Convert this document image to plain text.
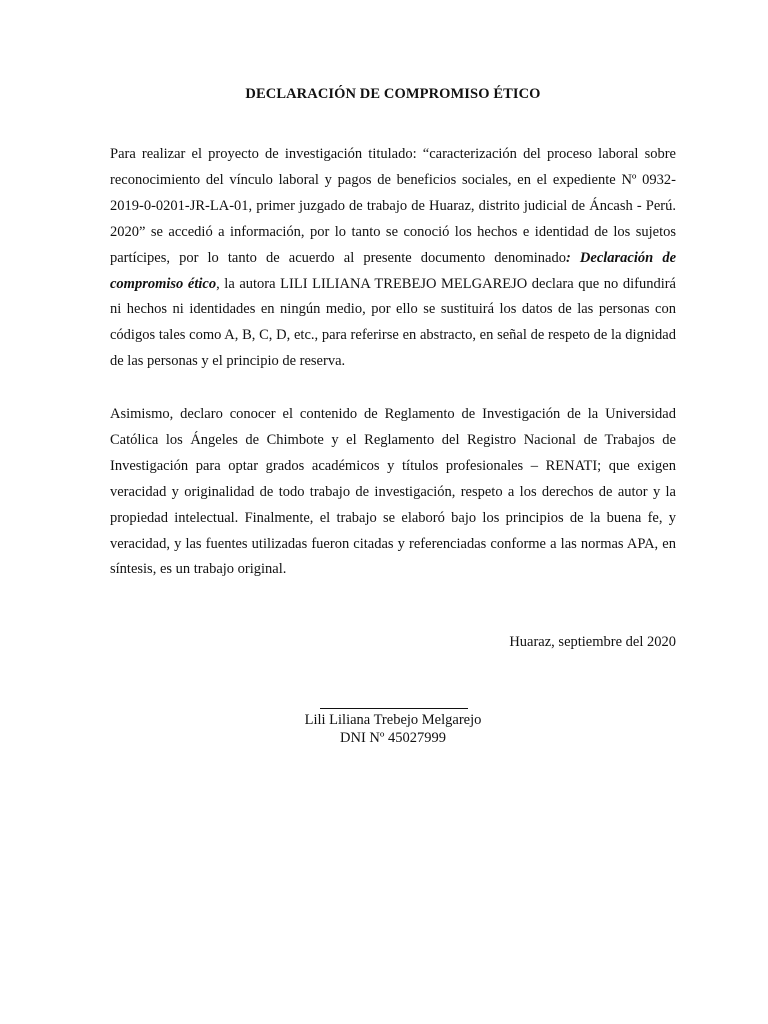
DECLARACIÓN DE COMPROMISO ÉTICO

Para realizar el proyecto de investigación titulado: “caracterización del proceso laboral sobre reconocimiento del vínculo laboral y pagos de beneficios sociales, en el expediente Nº 0932-2019-0-0201-JR-LA-01, primer juzgado de trabajo de Huaraz, distrito judicial de Áncash - Perú. 2020” se accedió a información, por lo tanto se conoció los hechos e identidad de los sujetos partícipes, por lo tanto de acuerdo al presente documento denominado: Declaración de compromiso ético, la autora LILI LILIANA TREBEJO MELGAREJO declara que no difundirá ni hechos ni identidades en ningún medio, por ello se sustituirá los datos de las personas con códigos tales como A, B, C, D, etc., para referirse en abstracto, en señal de respeto de la dignidad de las personas y el principio de reserva.

Asimismo, declaro conocer el contenido de Reglamento de Investigación de la Universidad Católica los Ángeles de Chimbote y el Reglamento del Registro Nacional de Trabajos de Investigación para optar grados académicos y títulos profesionales – RENATI; que exigen veracidad y originalidad de todo trabajo de investigación, respeto a los derechos de autor y la propiedad intelectual. Finalmente, el trabajo se elaboró bajo los principios de la buena fe, y veracidad, y las fuentes utilizadas fueron citadas y referenciadas conforme a las normas APA, en síntesis, es un trabajo original.

Huaraz, septiembre del 2020
Lili Liliana Trebejo Melgarejo
DNI Nº 45027999
